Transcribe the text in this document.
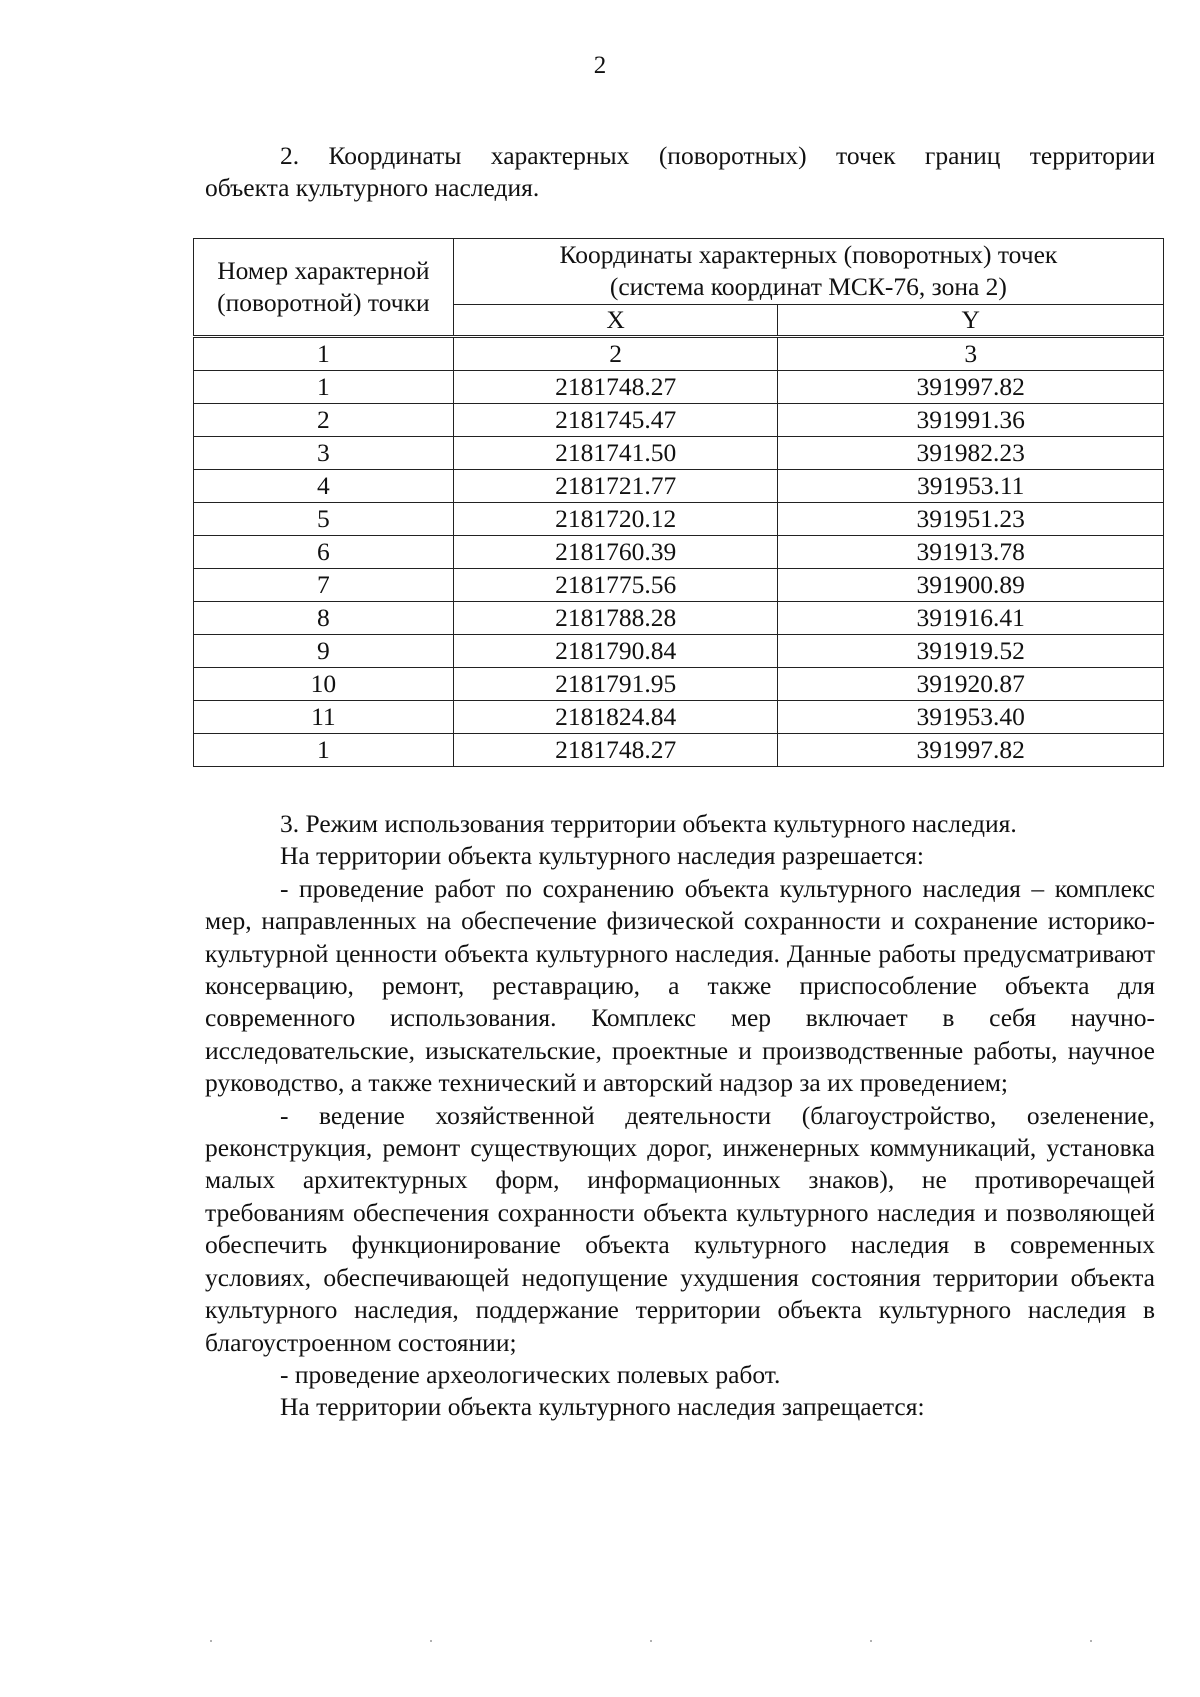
2
2. Координаты характерных (поворотных) точек границ территории
объекта культурного наследия.
Номер характерной (поворотной) точки	Координаты характерных (поворотных) точек
(система координат МСК-76, зона 2)	

	X	Y
1	2	3
1	2181748.27	391997.82
2	2181745.47	391991.36
3	2181741.50	391982.23
4	2181721.77	391953.11
5	2181720.12	391951.23
6	2181760.39	391913.78
7	2181775.56	391900.89
8	2181788.28	391916.41
9	2181790.84	391919.52
10	2181791.95	391920.87
11	2181824.84	391953.40
1	2181748.27	391997.82
3. Режим использования территории объекта культурного наследия.
На территории объекта культурного наследия разрешается:
- проведение работ по сохранению объекта культурного наследия – комплекс мер, направленных на обеспечение физической сохранности и сохранение историко-культурной ценности объекта культурного наследия. Данные работы предусматривают консервацию, ремонт, реставрацию, а также приспособление объекта для современного использования. Комплекс мер включает в себя научно-исследовательские, изыскательские, проектные и производственные работы, научное руководство, а также технический и авторский надзор за их проведением;
- ведение хозяйственной деятельности (благоустройство, озеленение, реконструкция, ремонт существующих дорог, инженерных коммуникаций, установка малых архитектурных форм, информационных знаков), не противоречащей требованиям обеспечения сохранности объекта культурного наследия и позволяющей обеспечить функционирование объекта культурного наследия в современных условиях, обеспечивающей недопущение ухудшения состояния территории объекта культурного наследия, поддержание территории объекта культурного наследия в благоустроенном состоянии;
- проведение археологических полевых работ.
На территории объекта культурного наследия запрещается:
